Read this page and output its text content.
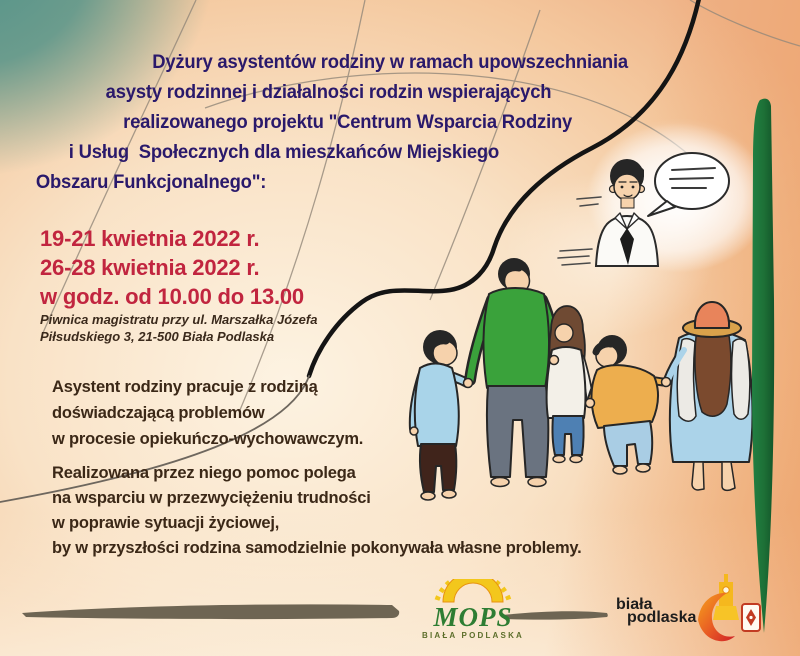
Dyżury asystentów rodziny w ramach upowszechniania
asysty rodzinnej i działalności rodzin wspierających
realizowanego projektu "Centrum Wsparcia Rodziny
i Usług  Społecznych dla mieszkańców Miejskiego
Obszaru Funkcjonalnego":
19-21 kwietnia 2022 r.
26-28 kwietnia 2022 r.
w godz. od 10.00 do 13.00
Piwnica magistratu przy ul. Marszałka Józefa
Piłsudskiego 3, 21-500 Biała Podlaska
Asystent rodziny pracuje z rodziną
doświadczającą problemów
w procesie opiekuńczo-wychowawczym.
Realizowana przez niego pomoc polega
na wsparciu w przezwyciężeniu trudności
w poprawie sytuacji życiowej,
by w przyszłości rodzina samodzielnie pokonywała własne problemy.
MOPS
BIAŁA PODLASKA
biała
podlaska
